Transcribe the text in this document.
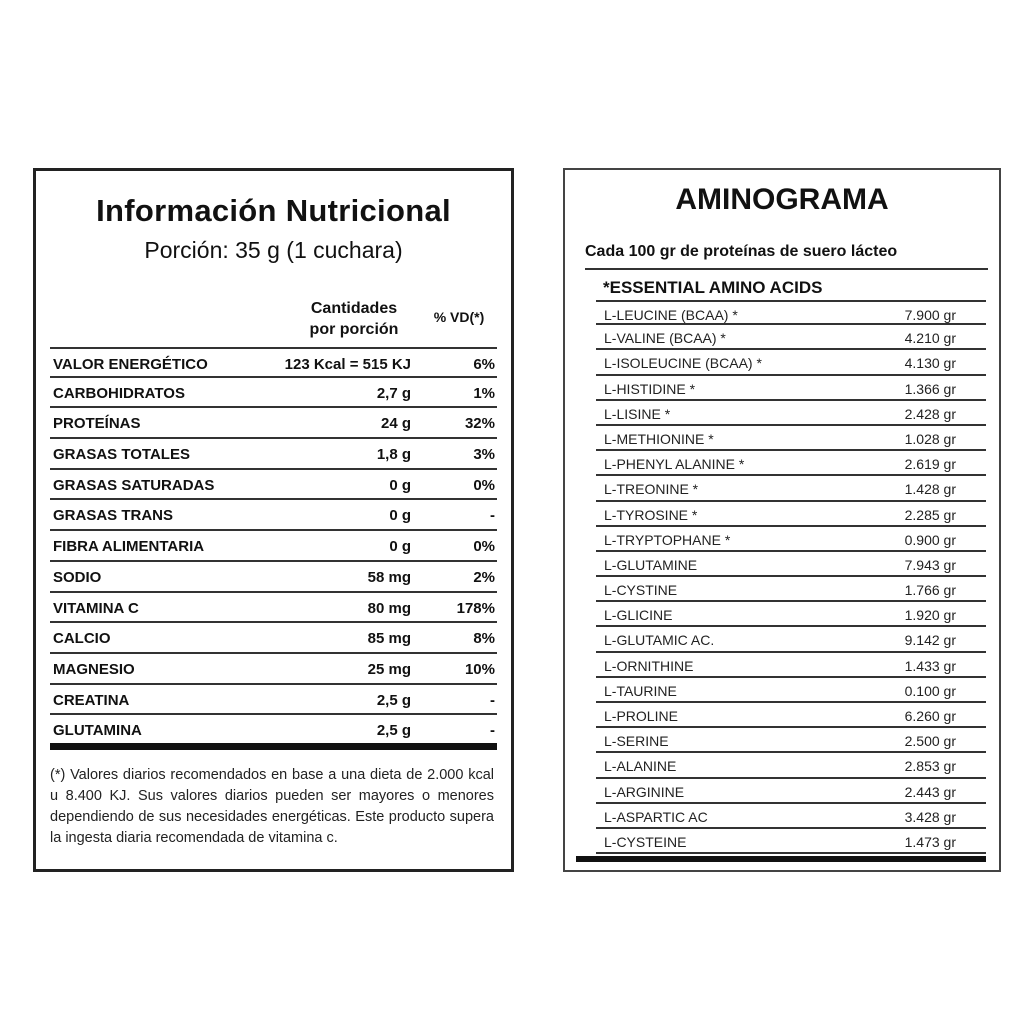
Información Nutricional
Porción: 35 g (1 cuchara)
Cantidades
por porción
% VD(*)
VALOR ENERGÉTICO	123 Kcal = 515 KJ	6%
CARBOHIDRATOS	2,7 g	1%
PROTEÍNAS	24 g	32%
GRASAS TOTALES	1,8 g	3%
GRASAS SATURADAS	0 g	0%
GRASAS TRANS	0 g	-
FIBRA ALIMENTARIA	0 g	0%
SODIO	58 mg	2%
VITAMINA C	80 mg	178%
CALCIO	85 mg	8%
MAGNESIO	25 mg	10%
CREATINA	2,5 g	-
GLUTAMINA	2,5 g	-
(*) Valores diarios recomendados en base a una dieta de 2.000 kcal u 8.400 KJ. Sus valores diarios pueden ser mayores o menores dependiendo de sus necesidades energéticas. Este producto supera la ingesta diaria recomendada de vitamina c.
AMINOGRAMA
Cada 100 gr de proteínas de suero lácteo
*ESSENTIAL AMINO ACIDS
L-LEUCINE (BCAA) *	7.900 gr
L-VALINE (BCAA) *	4.210 gr
L-ISOLEUCINE (BCAA) *	4.130 gr
L-HISTIDINE *	1.366 gr
L-LISINE *	2.428 gr
L-METHIONINE *	1.028 gr
L-PHENYL ALANINE *	2.619 gr
L-TREONINE *	1.428 gr
L-TYROSINE *	2.285 gr
L-TRYPTOPHANE *	0.900 gr
L-GLUTAMINE	7.943 gr
L-CYSTINE	1.766 gr
L-GLICINE	1.920 gr
L-GLUTAMIC AC.	9.142 gr
L-ORNITHINE	1.433 gr
L-TAURINE	0.100 gr
L-PROLINE	6.260 gr
L-SERINE	2.500 gr
L-ALANINE	2.853 gr
L-ARGININE	2.443 gr
L-ASPARTIC AC	3.428 gr
L-CYSTEINE	1.473 gr
